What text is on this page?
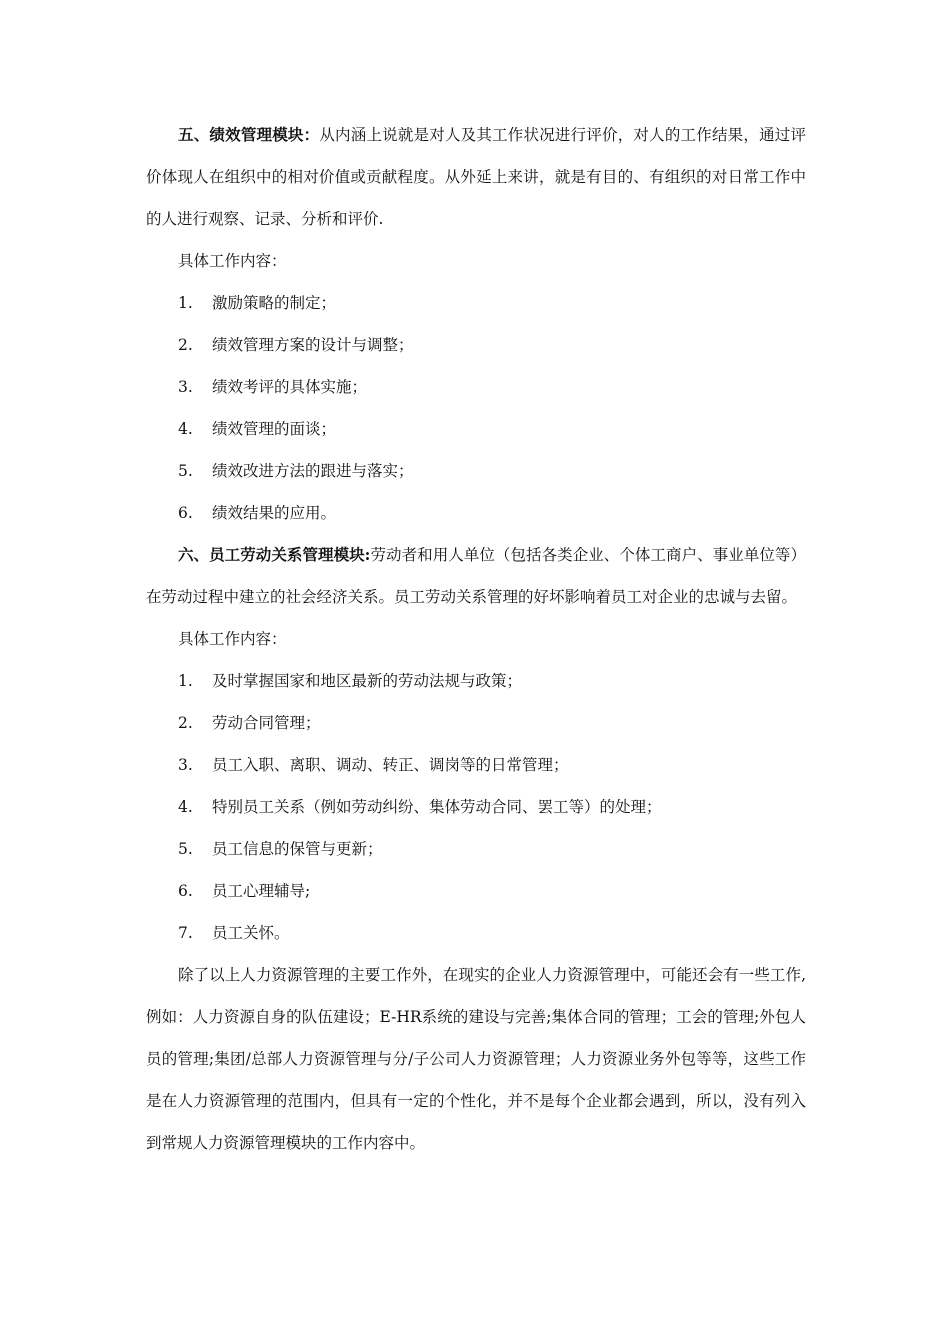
五、绩效管理模块：从内涵上说就是对人及其工作状况进行评价，对人的工作结果，通过评价体现人在组织中的相对价值或贡献程度。从外延上来讲，就是有目的、有组织的对日常工作中的人进行观察、记录、分析和评价.

具体工作内容：

1. 激励策略的制定；

2. 绩效管理方案的设计与调整；

3. 绩效考评的具体实施；

4. 绩效管理的面谈；

5. 绩效改进方法的跟进与落实；

6. 绩效结果的应用。

六、员工劳动关系管理模块:劳动者和用人单位（包括各类企业、个体工商户、事业单位等）在劳动过程中建立的社会经济关系。员工劳动关系管理的好坏影响着员工对企业的忠诚与去留。

具体工作内容：

1. 及时掌握国家和地区最新的劳动法规与政策；

2. 劳动合同管理；

3. 员工入职、离职、调动、转正、调岗等的日常管理；

4. 特别员工关系（例如劳动纠纷、集体劳动合同、罢工等）的处理；

5. 员工信息的保管与更新；

6. 员工心理辅导;

7. 员工关怀。

除了以上人力资源管理的主要工作外，在现实的企业人力资源管理中，可能还会有一些工作,例如：人力资源自身的队伍建设；E-HR系统的建设与完善;集体合同的管理；工会的管理;外包人员的管理;集团/总部人力资源管理与分/子公司人力资源管理；人力资源业务外包等等，这些工作是在人力资源管理的范围内，但具有一定的个性化，并不是每个企业都会遇到，所以，没有列入到常规人力资源管理模块的工作内容中。
